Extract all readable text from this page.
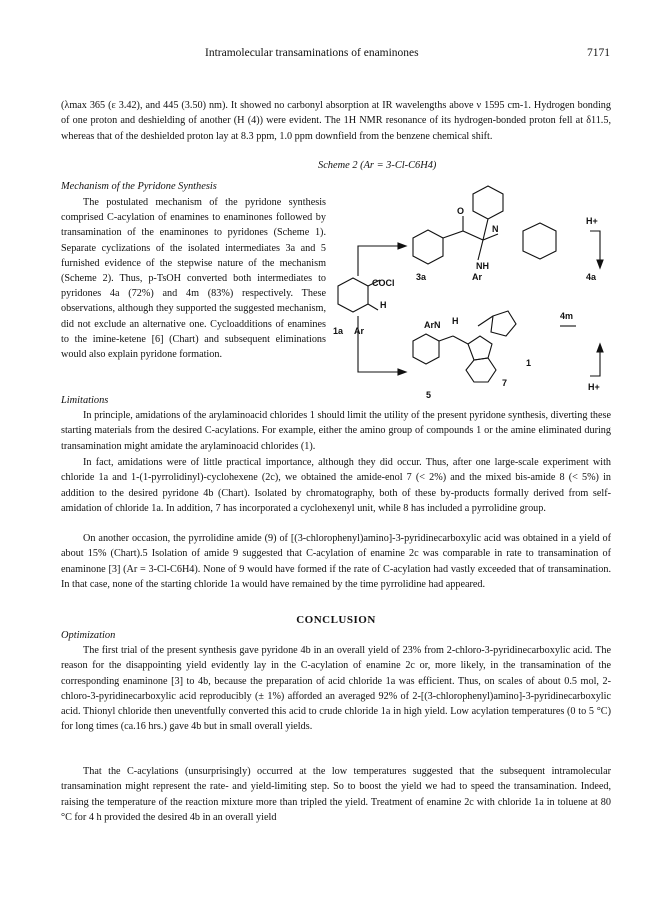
Intramolecular transaminations of enaminones	7171

(λmax 365 (ε 3.42), and 445 (3.50) nm). It showed no carbonyl absorption at IR wavelengths above ν 1595 cm-1. Hydrogen bonding of one proton and deshielding of another (H (4)) were evident. The 1H NMR resonance of its hydrogen-bonded proton fell at δ11.5, whereas that of the deshielded proton lay at 8.3 ppm, 1.0 ppm downfield from the benzene chemical shift.

Scheme 2 (Ar = 3-Cl-C6H4)
O
N
NH
Ar
H+
3a	4a
COCl
H
1a Ar
ArN H	4m
1
H+
5
7
Mechanism of the Pyridone Synthesis

The postulated mechanism of the pyridone synthesis comprised C-acylation of enamines to enaminones followed by transamination of the enaminones to pyridones (Scheme 1). Separate cyclizations of the isolated intermediates 3a and 5 furnished evidence of the stepwise nature of the mechanism (Scheme 2). Thus, p-TsOH converted both intermediates to pyridones 4a (72%) and 4m (83%) respectively. These observations, although they supported the suggested mechanism, did not exclude an alternative one. Cycloadditions of enamines to the imine-ketene [6] (Chart) and subsequent eliminations would also explain pyridone formation.

Limitations

In principle, amidations of the arylaminoacid chlorides 1 should limit the utility of the present pyridone synthesis, diverting these starting materials from the desired C-acylations. For example, either the amino group of compounds 1 or the amine eliminated during transamination might amidate the arylaminoacid chlorides (1).

In fact, amidations were of little practical importance, although they did occur. Thus, after one large-scale experiment with chloride 1a and 1-(1-pyrrolidinyl)-cyclohexene (2c), we obtained the amide-enol 7 (< 2%) and the mixed bis-amide 8 (< 5%) in addition to the desired pyridone 4b (Chart). Isolated by chromatography, both of these by-products formally derived from self-amidation of chloride 1a. In addition, 7 has incorporated a cyclohexenyl unit, while 8 has included a pyrrolidine group.

On another occasion, the pyrrolidine amide (9) of [(3-chlorophenyl)amino]-3-pyridinecarboxylic acid was obtained in a yield of about 15% (Chart).5 Isolation of amide 9 suggested that C-acylation of enamine 2c was comparable in rate to transamination of enaminone [3] (Ar = 3-Cl-C6H4). None of 9 would have formed if the rate of C-acylation had vastly exceeded that of transamination. In that case, none of the starting chloride 1a would have remained by the time pyrrolidine had appeared.

CONCLUSION
Optimization

The first trial of the present synthesis gave pyridone 4b in an overall yield of 23% from 2-chloro-3-pyridinecarboxylic acid. The reason for the disappointing yield evidently lay in the C-acylation of enamine 2c or, more likely, in the transamination of the corresponding enaminone [3] to 4b, because the preparation of acid chloride 1a was efficient. Thus, on scales of about 0.5 mol, 2-chloro-3-pyridinecarboxylic acid reproducibly (± 1%) afforded an averaged 92% of 2-[(3-chlorophenyl)amino]-3-pyridinecarboxylic acid. Thionyl chloride then uneventfully converted this acid to crude chloride 1a in high yield. Low acylation temperatures (0 to 5 °C) for long times (ca.16 hrs.) gave 4b but in small overall yields.

That the C-acylations (unsurprisingly) occurred at the low temperatures suggested that the subsequent intramolecular transamination might represent the rate- and yield-limiting step. So to boost the yield we had to speed the transamination. Indeed, raising the temperature of the reaction mixture more than tripled the yield. Treatment of enamine 2c with chloride 1a in toluene at 80 °C for 4 h provided the desired 4b in an overall yield
